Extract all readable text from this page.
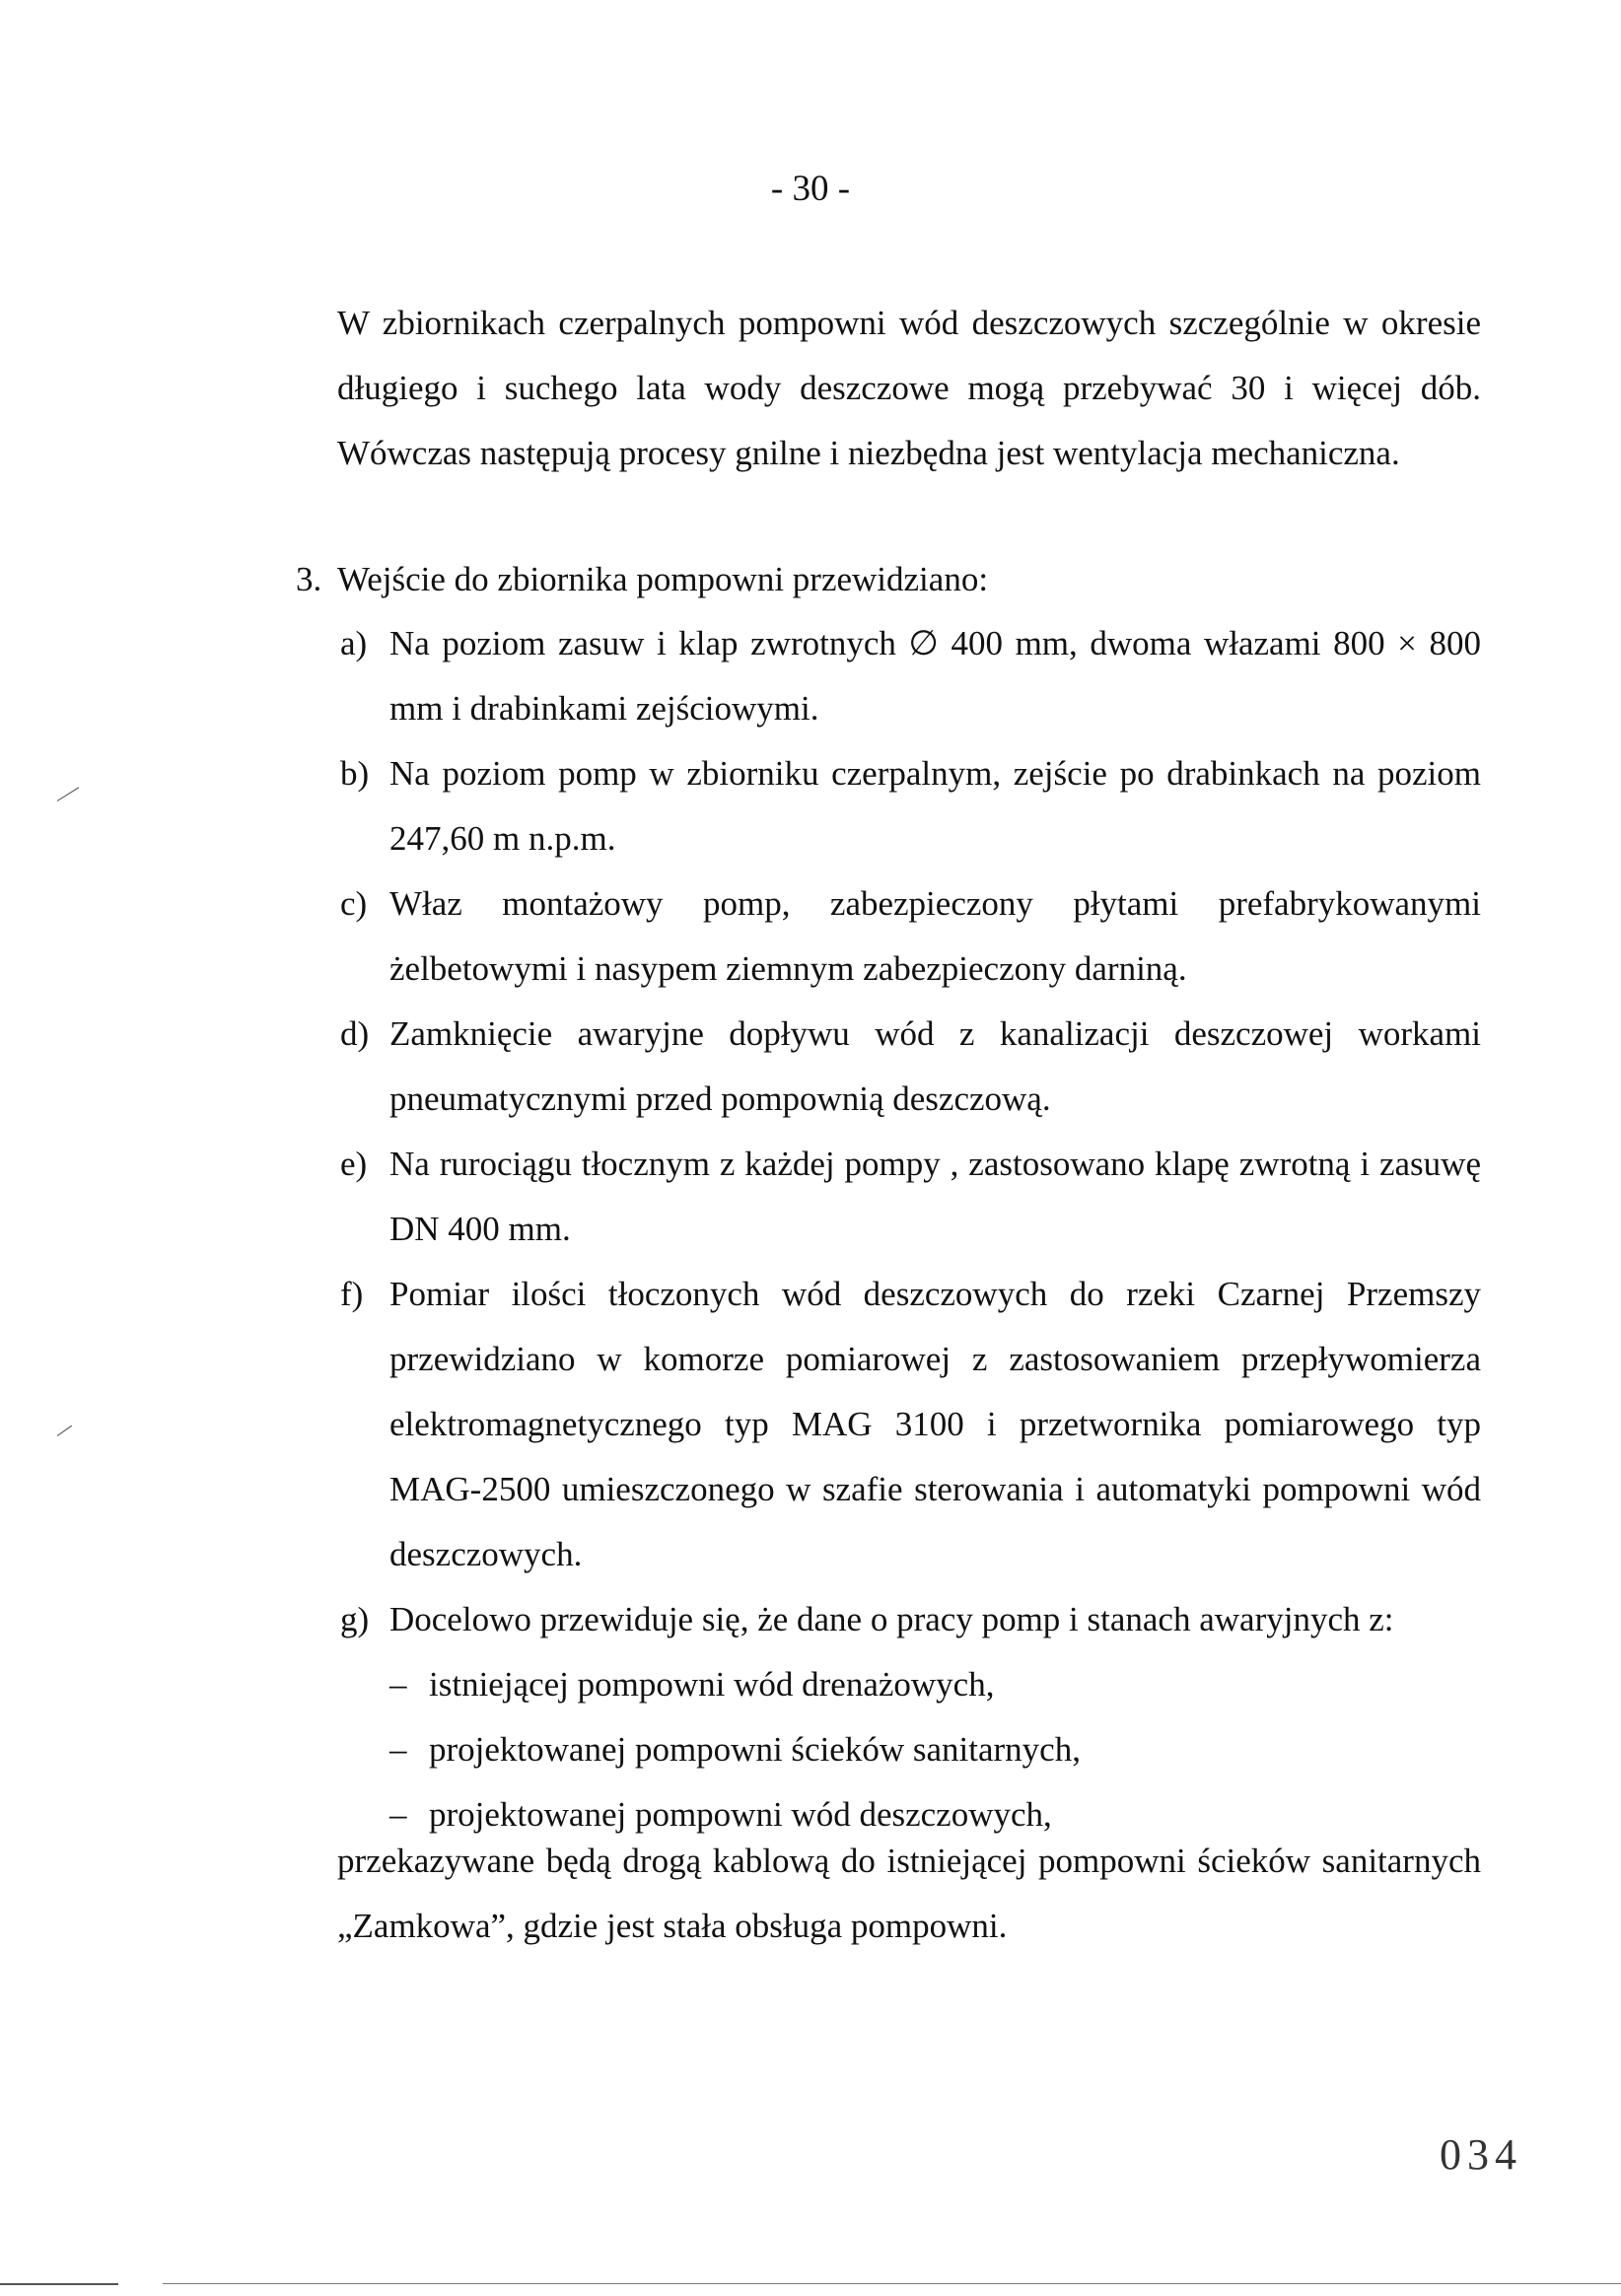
- 30 -

W zbiornikach czerpalnych pompowni wód deszczowych szczególnie w okresie długiego i suchego lata wody deszczowe mogą przebywać 30 i więcej dób. Wówczas następują procesy gnilne i niezbędna jest wentylacja mechaniczna.

3. Wejście do zbiornika pompowni przewidziano:
a) Na poziom zasuw i klap zwrotnych ∅ 400 mm, dwoma włazami 800 × 800 mm i drabinkami zejściowymi.
b) Na poziom pomp w zbiorniku czerpalnym, zejście po drabinkach na poziom 247,60 m n.p.m.
c) Właz montażowy pomp, zabezpieczony płytami prefabrykowanymi żelbetowymi i nasypem ziemnym zabezpieczony darniną.
d) Zamknięcie awaryjne dopływu wód z kanalizacji deszczowej workami pneumatycznymi przed pompownią deszczową.
e) Na rurociągu tłocznym z każdej pompy , zastosowano klapę zwrotną i zasuwę DN 400 mm.
f) Pomiar ilości tłoczonych wód deszczowych do rzeki Czarnej Przemszy przewidziano w komorze pomiarowej z zastosowaniem przepływomierza elektromagnetycznego typ MAG 3100 i przetwornika pomiarowego typ MAG-2500 umieszczonego w szafie sterowania i automatyki pompowni wód deszczowych.
g) Docelowo przewiduje się, że dane o pracy pomp i stanach awaryjnych z:
– istniejącej pompowni wód drenażowych,
– projektowanej pompowni ścieków sanitarnych,
– projektowanej pompowni wód deszczowych,

przekazywane będą drogą kablową do istniejącej pompowni ścieków sanitarnych „Zamkowa”, gdzie jest stała obsługa pompowni.

034
